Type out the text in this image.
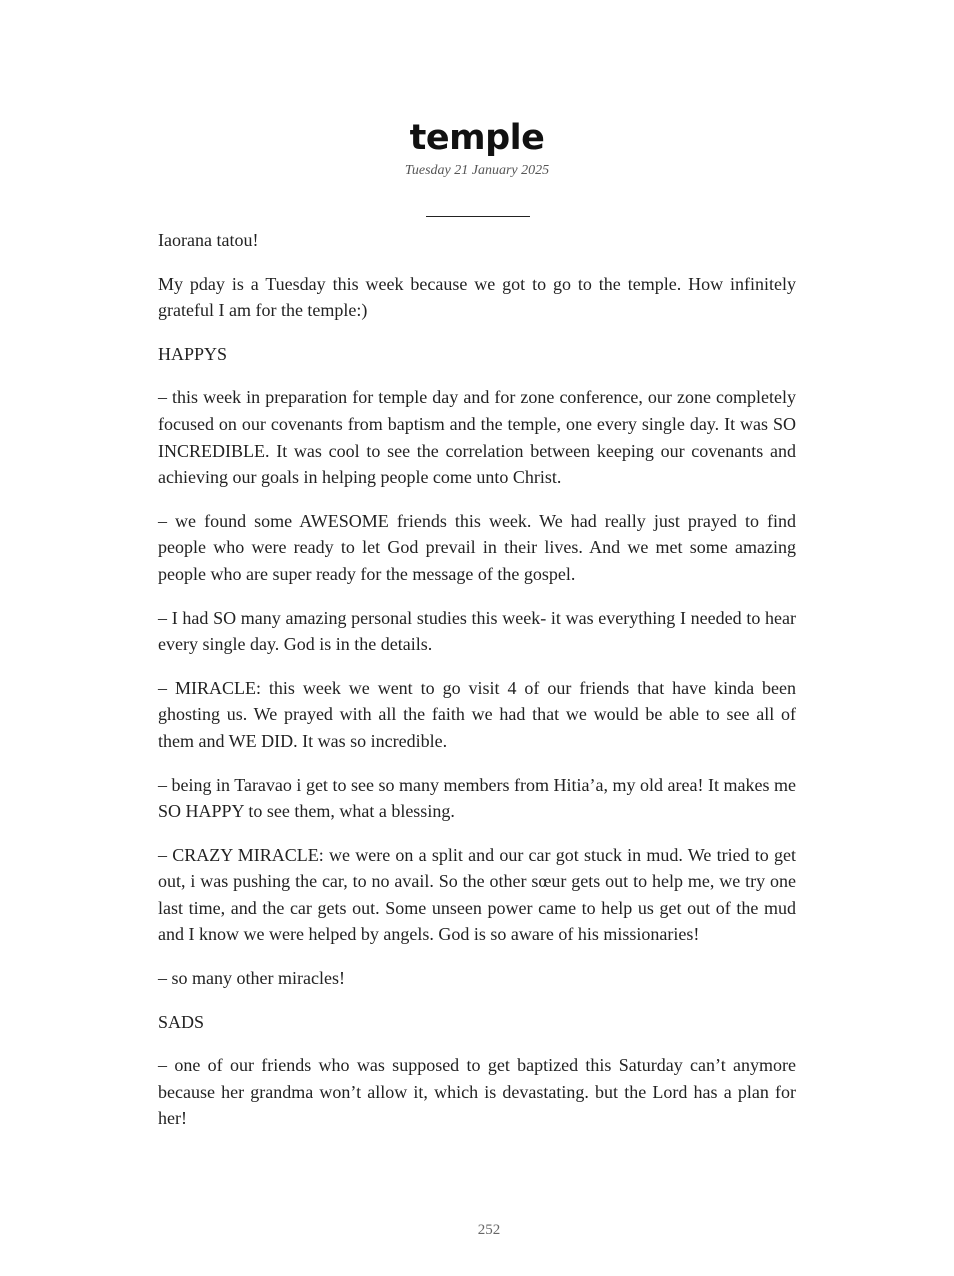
temple
Tuesday 21 January 2025

Iaorana tatou!

My pday is a Tuesday this week because we got to go to the temple. How infinitely grateful I am for the temple:)

HAPPYS

– this week in preparation for temple day and for zone conference, our zone completely focused on our covenants from baptism and the temple, one every single day. It was SO INCREDIBLE. It was cool to see the correlation between keeping our covenants and achieving our goals in helping people come unto Christ.

– we found some AWESOME friends this week. We had really just prayed to find people who were ready to let God prevail in their lives. And we met some amazing people who are super ready for the message of the gospel.

– I had SO many amazing personal studies this week- it was everything I needed to hear every single day. God is in the details.

– MIRACLE: this week we went to go visit 4 of our friends that have kinda been ghosting us. We prayed with all the faith we had that we would be able to see all of them and WE DID. It was so incredible.

– being in Taravao i get to see so many members from Hitia’a, my old area! It makes me SO HAPPY to see them, what a blessing.

– CRAZY MIRACLE: we were on a split and our car got stuck in mud. We tried to get out, i was pushing the car, to no avail. So the other sœur gets out to help me, we try one last time, and the car gets out. Some unseen power came to help us get out of the mud and I know we were helped by angels. God is so aware of his missionaries!

– so many other miracles!

SADS

– one of our friends who was supposed to get baptized this Saturday can’t anymore because her grandma won’t allow it, which is devastating. but the Lord has a plan for her!

252
